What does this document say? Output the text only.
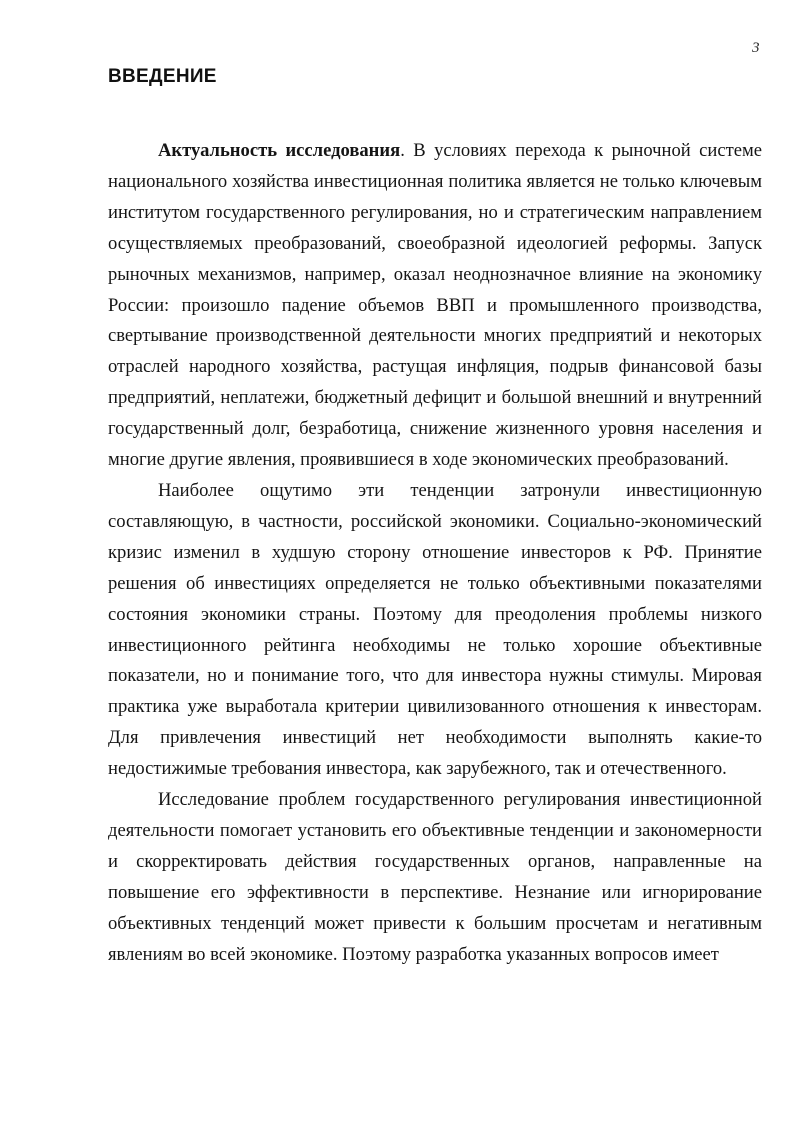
3
ВВЕДЕНИЕ

Актуальность исследования. В условиях перехода к рыночной системе национального хозяйства инвестиционная политика является не только ключевым институтом государственного регулирования, но и стратегическим направлением осуществляемых преобразований, своеобразной идеологией реформы. Запуск рыночных механизмов, например, оказал неоднозначное влияние на экономику России: произошло падение объемов ВВП и промышленного производства, свертывание производственной деятельности многих предприятий и некоторых отраслей народного хозяйства, растущая инфляция, подрыв финансовой базы предприятий, неплатежи, бюджетный дефицит и большой внешний и внутренний государственный долг, безработица, снижение жизненного уровня населения и многие другие явления, проявившиеся в ходе экономических преобразований.

Наиболее ощутимо эти тенденции затронули инвестиционную составляющую, в частности, российской экономики. Социально-экономический кризис изменил в худшую сторону отношение инвесторов к РФ. Принятие решения об инвестициях определяется не только объективными показателями состояния экономики страны. Поэтому для преодоления проблемы низкого инвестиционного рейтинга необходимы не только хорошие объективные показатели, но и понимание того, что для инвестора нужны стимулы. Мировая практика уже выработала критерии цивилизованного отношения к инвесторам. Для привлечения инвестиций нет необходимости выполнять какие-то недостижимые требования инвестора, как зарубежного, так и отечественного.

Исследование проблем государственного регулирования инвестиционной деятельности помогает установить его объективные тенденции и закономерности и скорректировать действия государственных органов, направленные на повышение его эффективности в перспективе. Незнание или игнорирование объективных тенденций может привести к большим просчетам и негативным явлениям во всей экономике. Поэтому разработка указанных вопросов имеет
